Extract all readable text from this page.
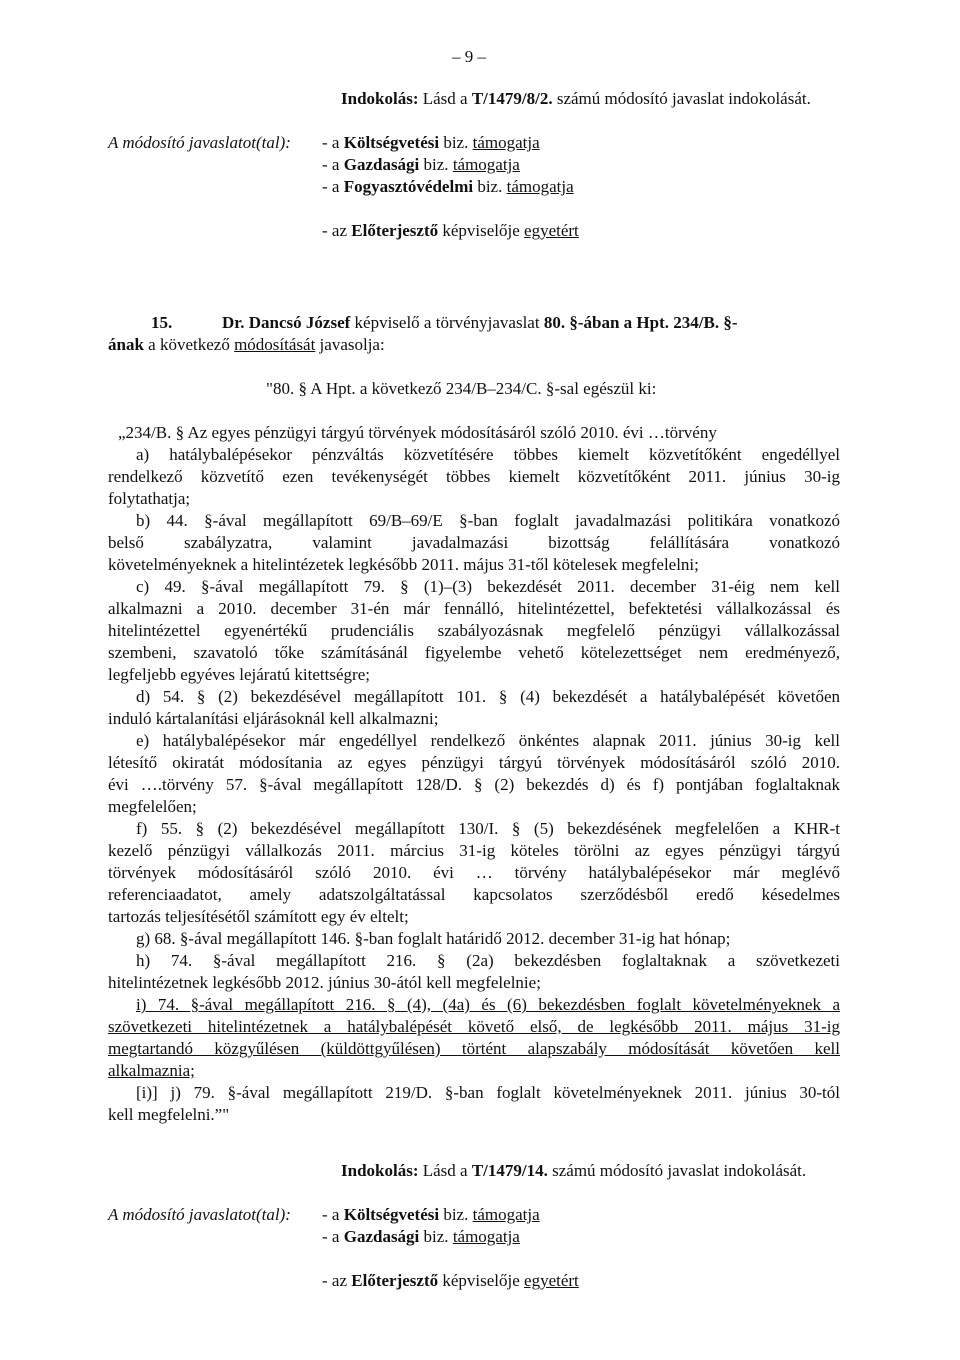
– 9 –
Indokolás: Lásd a T/1479/8/2. számú módosító javaslat indokolását.
A módosító javaslatot(tal): - a Költségvetési biz. támogatja
- a Gazdasági biz. támogatja
- a Fogyasztóvédelmi biz. támogatja
- az Előterjesztő képviselője egyetért
15.	Dr. Dancsó József képviselő a törvényjavaslat 80. §-ában a Hpt. 234/B. §-
ának a következő módosítását javasolja:
"80. § A Hpt. a következő 234/B–234/C. §-sal egészül ki:
„234/B. § Az egyes pénzügyi tárgyú törvények módosításáról szóló 2010. évi …törvény
a) hatálybalépésekor pénzváltás közvetítésére többes kiemelt közvetítőként engedéllyel
rendelkező közvetítő ezen tevékenységét többes kiemelt közvetítőként 2011. június 30-ig
folytathatja;
b) 44. §-ával megállapított 69/B–69/E §-ban foglalt javadalmazási politikára vonatkozó
belső szabályzatra, valamint javadalmazási bizottság felállítására vonatkozó
követelményeknek a hitelintézetek legkésőbb 2011. május 31-től kötelesek megfelelni;
c) 49. §-ával megállapított 79. § (1)–(3) bekezdését 2011. december 31-éig nem kell
alkalmazni a 2010. december 31-én már fennálló, hitelintézettel, befektetési vállalkozással és
hitelintézettel egyenértékű prudenciális szabályozásnak megfelelő pénzügyi vállalkozással
szembeni, szavatoló tőke számításánál figyelembe vehető kötelezettséget nem eredményező,
legfeljebb egyéves lejáratú kitettségre;
d) 54. § (2) bekezdésével megállapított 101. § (4) bekezdését a hatálybalépését követően
induló kártalanítási eljárásoknál kell alkalmazni;
e) hatálybalépésekor már engedéllyel rendelkező önkéntes alapnak 2011. június 30-ig kell
létesítő okiratát módosítania az egyes pénzügyi tárgyú törvények módosításáról szóló 2010.
évi ….törvény 57. §-ával megállapított 128/D. § (2) bekezdés d) és f) pontjában foglaltaknak
megfelelően;
f) 55. § (2) bekezdésével megállapított 130/I. § (5) bekezdésének megfelelően a KHR-t
kezelő pénzügyi vállalkozás 2011. március 31-ig köteles törölni az egyes pénzügyi tárgyú
törvények módosításáról szóló 2010. évi … törvény hatálybalépésekor már meglévő
referenciaadatot, amely adatszolgáltatással kapcsolatos szerződésből eredő késedelmes
tartozás teljesítésétől számított egy év eltelt;
g) 68. §-ával megállapított 146. §-ban foglalt határidő 2012. december 31-ig hat hónap;
h) 74. §-ával megállapított 216. § (2a) bekezdésben foglaltaknak a szövetkezeti
hitelintézetnek legkésőbb 2012. június 30-ától kell megfelelnie;
i) 74. §-ával megállapított 216. § (4), (4a) és (6) bekezdésben foglalt követelményeknek a
szövetkezeti hitelintézetnek a hatálybalépését követő első, de legkésőbb 2011. május 31-ig
megtartandó közgyűlésen (küldöttgyűlésen) történt alapszabály módosítását követően kell
alkalmaznia;
[i)] j) 79. §-ával megállapított 219/D. §-ban foglalt követelményeknek 2011. június 30-tól
kell megfelelni.”"
Indokolás: Lásd a T/1479/14. számú módosító javaslat indokolását.
A módosító javaslatot(tal): - a Költségvetési biz. támogatja
- a Gazdasági biz. támogatja
- az Előterjesztő képviselője egyetért
